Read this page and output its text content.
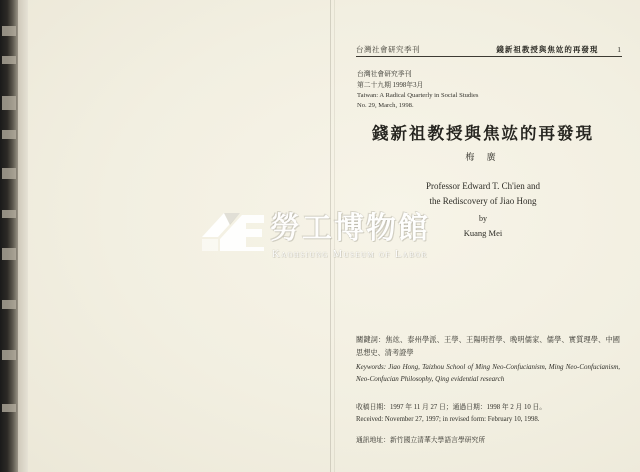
台灣社會研究季刊	錢新祖教授與焦竑的再發現	1
台灣社會研究季刊
第二十九期 1998年3月
Taiwan: A Radical Quarterly in Social Studies
No. 29, March, 1998.
錢新祖教授與焦竑的再發現
梅 廣
Professor Edward T. Ch'ien and
the Rediscovery of Jiao Hong
by
Kuang Mei
關鍵詞：焦竑、泰州學派、王學、王陽明哲學、晚明儒家、儒學、實質理學、中國思想史、清考證學
Keywords: Jiao Hong, Taizhou School of Ming Neo-Confucianism, Ming Neo-Confucianism, Neo-Confucian Philosophy, Qing evidential research
收稿日期：1997 年 11 月 27 日；通過日期：1998 年 2 月 10 日。
Received: November 27, 1997; in revised form: February 10, 1998.
通訊地址：新竹國立清華大學語言學研究所
勞工博物館
Kaohsiung Museum of Labor
